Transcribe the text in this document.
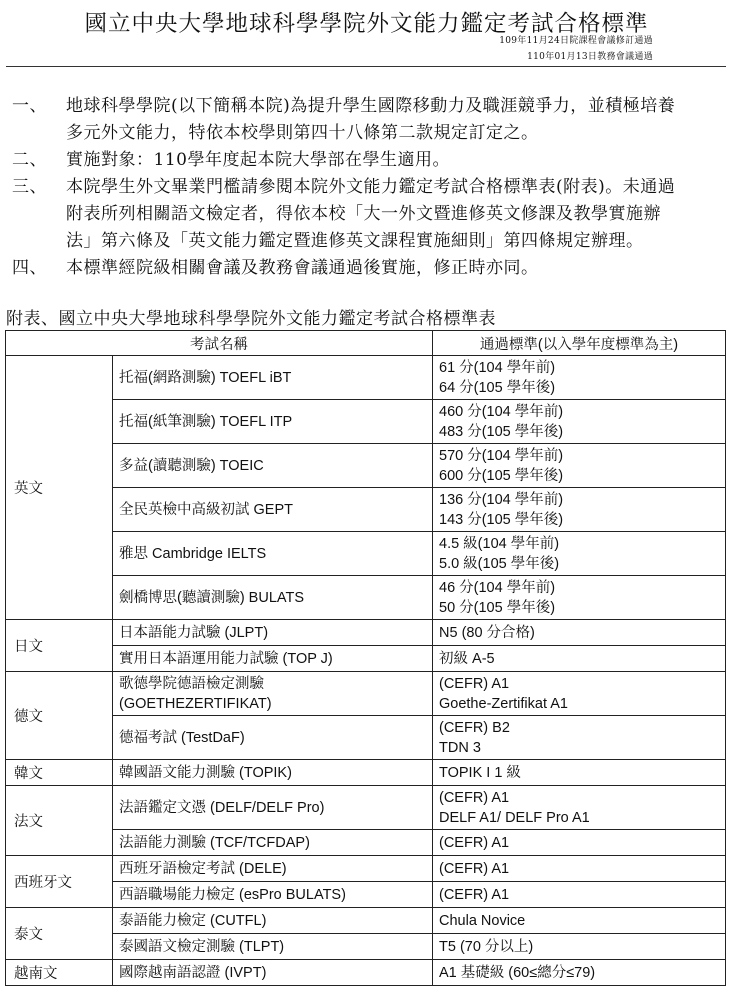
國立中央大學地球科學學院外文能力鑑定考試合格標準
109年11月24日院課程會議修訂通過
110年01月13日教務會議通過
一、	地球科學學院(以下簡稱本院)為提升學生國際移動力及職涯競爭力，並積極培養
多元外文能力，特依本校學則第四十八條第二款規定訂定之。
二、	實施對象：110學年度起本院大學部在學生適用。
三、	本院學生外文畢業門檻請參閱本院外文能力鑑定考試合格標準表(附表)。未通過
附表所列相關語文檢定者，得依本校「大一外文暨進修英文修課及教學實施辦
法」第六條及「英文能力鑑定暨進修英文課程實施細則」第四條規定辦理。
四、	本標準經院級相關會議及教務會議通過後實施，修正時亦同。
附表、國立中央大學地球科學學院外文能力鑑定考試合格標準表
考試名稱		通過標準(以入學年度標準為主)
英文	托福(網路測驗) TOEFL iBT	61 分(104 學年前)
64 分(105 學年後)

	托福(紙筆測驗) TOEFL ITP	460 分(104 學年前)
483 分(105 學年後)

	多益(讀聽測驗) TOEIC	570 分(104 學年前)
600 分(105 學年後)

	全民英檢中高級初試 GEPT	136 分(104 學年前)
143 分(105 學年後)

	雅思 Cambridge IELTS	4.5 級(104 學年前)
5.0 級(105 學年後)

	劍橋博思(聽讀測驗) BULATS	46 分(104 學年前)
50 分(105 學年後)

日文	日本語能力試驗 (JLPT)	N5 (80 分合格)

	實用日本語運用能力試驗 (TOP J)	初級 A-5

德文	歌德學院德語檢定測驗
(GOETHEZERTIFIKAT)	(CEFR) A1
Goethe-Zertifikat A1

	德福考試 (TestDaF)	(CEFR) B2
TDN 3

韓文	韓國語文能力測驗 (TOPIK)	TOPIK I 1 級

法文	法語鑑定文憑 (DELF/DELF Pro)	(CEFR) A1
DELF A1/ DELF Pro A1

	法語能力測驗 (TCF/TCFDAP)	(CEFR) A1

西班牙文	西班牙語檢定考試 (DELE)	(CEFR) A1

	西語職場能力檢定 (esPro BULATS)	(CEFR) A1

泰文	泰語能力檢定 (CUTFL)	Chula Novice

	泰國語文檢定測驗 (TLPT)	T5 (70 分以上)

越南文	國際越南語認證 (IVPT)	A1 基礎級 (60≤總分≤79)
